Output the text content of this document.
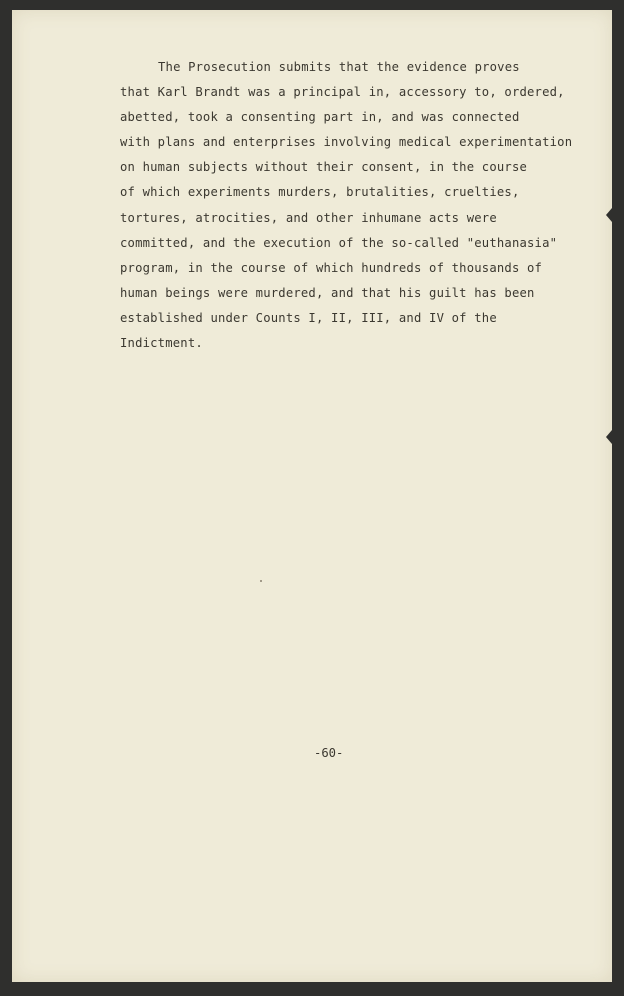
The Prosecution submits that the evidence proves
that Karl Brandt was a principal in, accessory to, ordered,
abetted, took a consenting part in, and was connected
with plans and enterprises involving medical experimentation
on human subjects without their consent, in the course
of which experiments murders, brutalities, cruelties,
tortures, atrocities, and other inhumane acts were
committed, and the execution of the so-called "euthanasia"
program, in the course of which hundreds of thousands of
human beings were murdered, and that his guilt has been
established under Counts I, II, III, and IV of the
Indictment.
-60-
